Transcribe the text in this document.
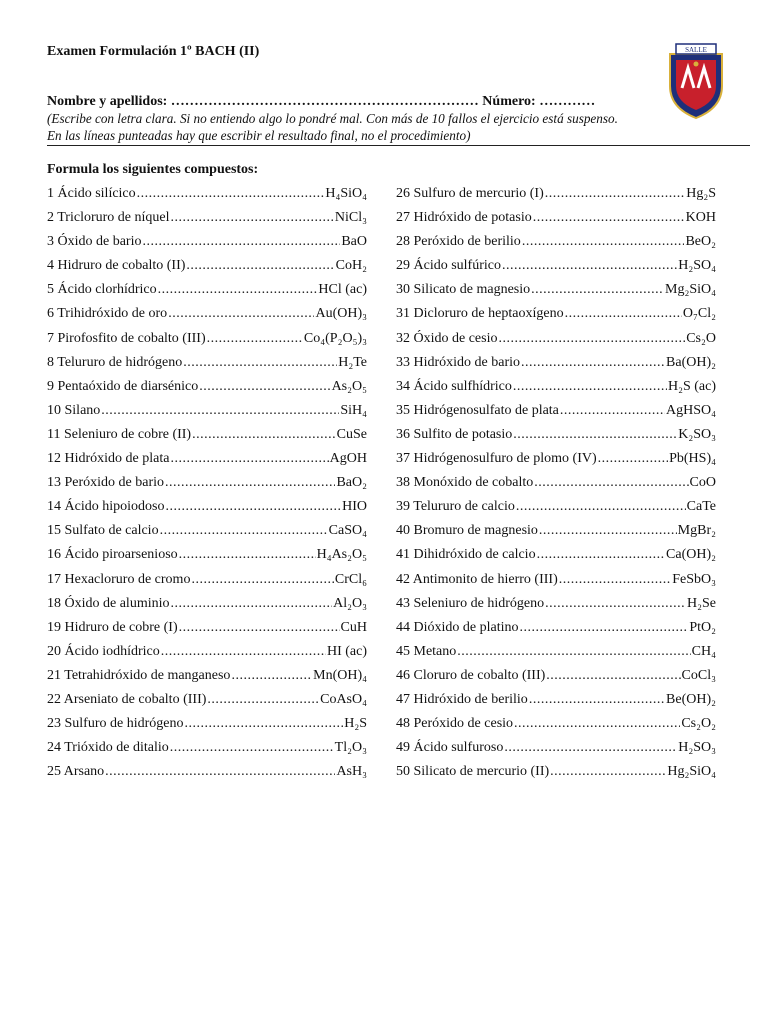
Examen Formulación 1º BACH (II)	SALLE
Nombre y apellidos: ………………………………………………………… Número: …………
(Escribe con letra clara. Si no entiendo algo lo pondré mal. Con más de 10 fallos el ejercicio está suspenso.
En las líneas punteadas hay que escribir el resultado final, no el procedimiento)
Formula los siguientes compuestos:
1 Ácido silícico .....	H₄SiO₄
2 Tricloruro de níquel .....	NiCl₃
3 Óxido de bario .....	BaO
4 Hidruro de cobalto (II) .....	CoH₂
5 Ácido clorhídrico .....	HCl (ac)
6 Trihidróxido de oro .....	Au(OH)₃
7 Pirofosfito de cobalto (III) .....	Co₄(P₂O₅)₃
8 Telururo de hidrógeno .....	H₂Te
9 Pentaóxido de diarsénico .....	As₂O₅
10 Silano .....	SiH₄
11 Seleniuro de cobre (II) .....	CuSe
12 Hidróxido de plata .....	AgOH
13 Peróxido de bario .....	BaO₂
14 Ácido hipoiodoso .....	HIO
15 Sulfato de calcio .....	CaSO₄
16 Ácido piroarsenioso .....	H₄As₂O₅
17 Hexacloruro de cromo .....	CrCl₆
18 Óxido de aluminio .....	Al₂O₃
19 Hidruro de cobre (I) .....	CuH
20 Ácido iodhídrico .....	HI (ac)
21 Tetrahidróxido de manganeso .....	Mn(OH)₄
22 Arseniato de cobalto (III) .....	CoAsO₄
23 Sulfuro de hidrógeno .....	H₂S
24 Trióxido de ditalio .....	Tl₂O₃
25 Arsano .....	AsH₃
26 Sulfuro de mercurio (I) .....	Hg₂S
27 Hidróxido de potasio .....	KOH
28 Peróxido de berilio .....	BeO₂
29 Ácido sulfúrico .....	H₂SO₄
30 Silicato de magnesio .....	Mg₂SiO₄
31 Dicloruro de heptaoxígeno .....	O₇Cl₂
32 Óxido de cesio .....	Cs₂O
33 Hidróxido de bario .....	Ba(OH)₂
34 Ácido sulfhídrico .....	H₂S (ac)
35 Hidrógenosulfato de plata .....	AgHSO₄
36 Sulfito de potasio .....	K₂SO₃
37 Hidrógenosulfuro de plomo (IV) .....	Pb(HS)₄
38 Monóxido de cobalto .....	CoO
39 Telururo de calcio .....	CaTe
40 Bromuro de magnesio .....	MgBr₂
41 Dihidróxido de calcio .....	Ca(OH)₂
42 Antimonito de hierro (III) .....	FeSbO₃
43 Seleniuro de hidrógeno .....	H₂Se
44 Dióxido de platino .....	PtO₂
45 Metano .....	CH₄
46 Cloruro de cobalto (III) .....	CoCl₃
47 Hidróxido de berilio .....	Be(OH)₂
48 Peróxido de cesio .....	Cs₂O₂
49 Ácido sulfuroso .....	H₂SO₃
50 Silicato de mercurio (II) .....	Hg₂SiO₄
